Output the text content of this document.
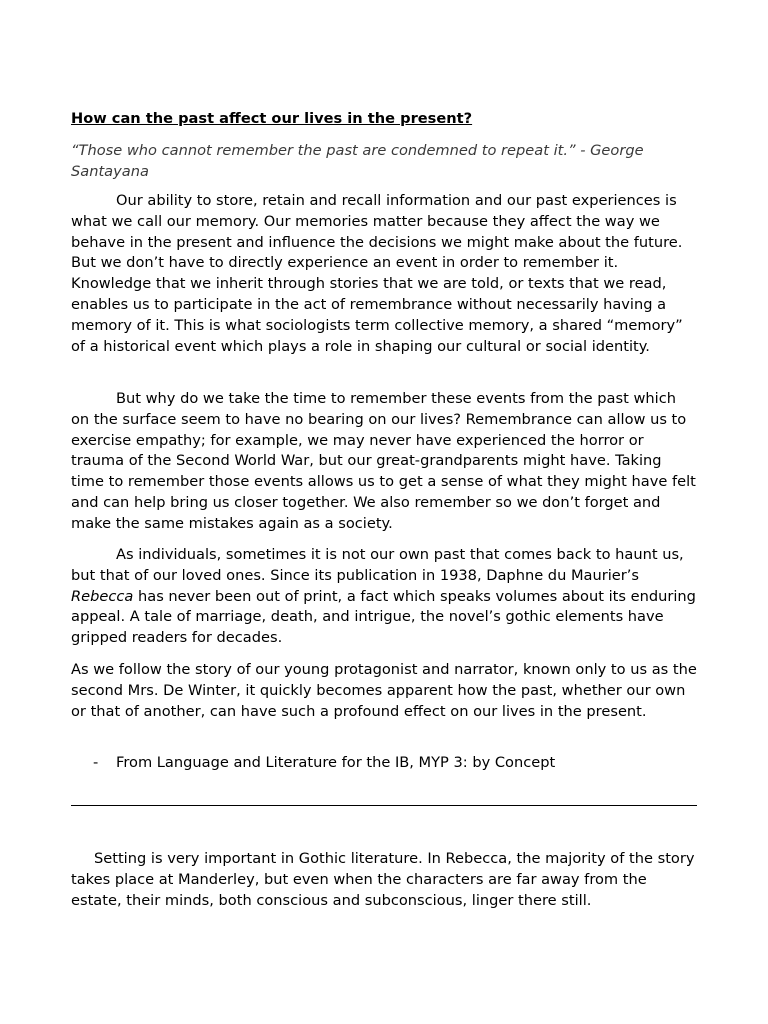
How can the past affect our lives in the present?

“Those who cannot remember the past are condemned to repeat it.” - George Santayana

Our ability to store, retain and recall information and our past experiences is what we call our memory. Our memories matter because they affect the way we behave in the present and influence the decisions we might make about the future. But we don’t have to directly experience an event in order to remember it. Knowledge that we inherit through stories that we are told, or texts that we read, enables us to participate in the act of remembrance without necessarily having a memory of it. This is what sociologists term collective memory, a shared “memory” of a historical event which plays a role in shaping our cultural or social identity.

But why do we take the time to remember these events from the past which on the surface seem to have no bearing on our lives? Remembrance can allow us to exercise empathy; for example, we may never have experienced the horror or trauma of the Second World War, but our great-grandparents might have. Taking time to remember those events allows us to get a sense of what they might have felt and can help bring us closer together. We also remember so we don’t forget and make the same mistakes again as a society.

As individuals, sometimes it is not our own past that comes back to haunt us, but that of our loved ones. Since its publication in 1938, Daphne du Maurier’s Rebecca has never been out of print, a fact which speaks volumes about its enduring appeal. A tale of marriage, death, and intrigue, the novel’s gothic elements have gripped readers for decades.

As we follow the story of our young protagonist and narrator, known only to us as the second Mrs. De Winter, it quickly becomes apparent how the past, whether our own or that of another, can have such a profound effect on our lives in the present.

- From Language and Literature for the IB, MYP 3: by Concept

Setting is very important in Gothic literature. In Rebecca, the majority of the story takes place at Manderley, but even when the characters are far away from the estate, their minds, both conscious and subconscious, linger there still.
